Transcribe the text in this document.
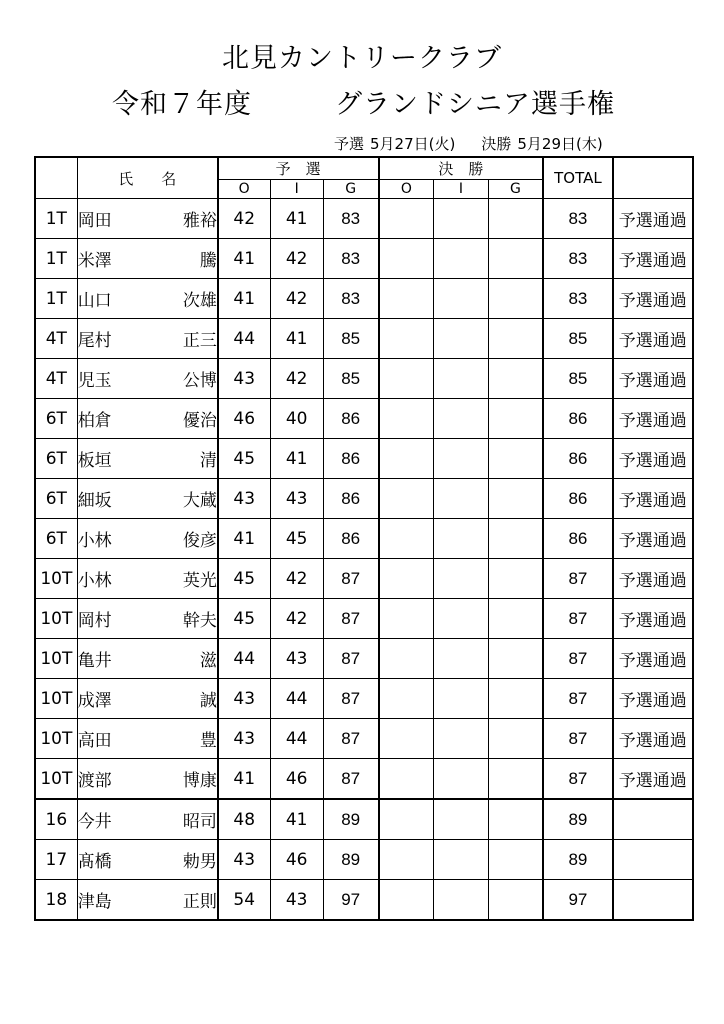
北見カントリークラブ
令和７年度	グランドシニア選手権
予選 5月27日(火) 決勝 5月29日(木)
	氏 名	予　選			決　勝			TOTAL	
		O	I	G	O	I	G		
1T	岡田 雅裕	42	41	83				83	予選通過
1T	米澤 騰	41	42	83				83	予選通過
1T	山口 次雄	41	42	83				83	予選通過
4T	尾村 正三	44	41	85				85	予選通過
4T	児玉 公博	43	42	85				85	予選通過
6T	柏倉 優治	46	40	86				86	予選通過
6T	板垣 清	45	41	86				86	予選通過
6T	細坂 大蔵	43	43	86				86	予選通過
6T	小林 俊彦	41	45	86				86	予選通過
10T	小林 英光	45	42	87				87	予選通過
10T	岡村 幹夫	45	42	87				87	予選通過
10T	亀井 滋	44	43	87				87	予選通過
10T	成澤 誠	43	44	87				87	予選通過
10T	高田 豊	43	44	87				87	予選通過
10T	渡部 博康	41	46	87				87	予選通過
16	今井 昭司	48	41	89				89	
17	髙橋 勅男	43	46	89				89	
18	津島 正則	54	43	97				97	
